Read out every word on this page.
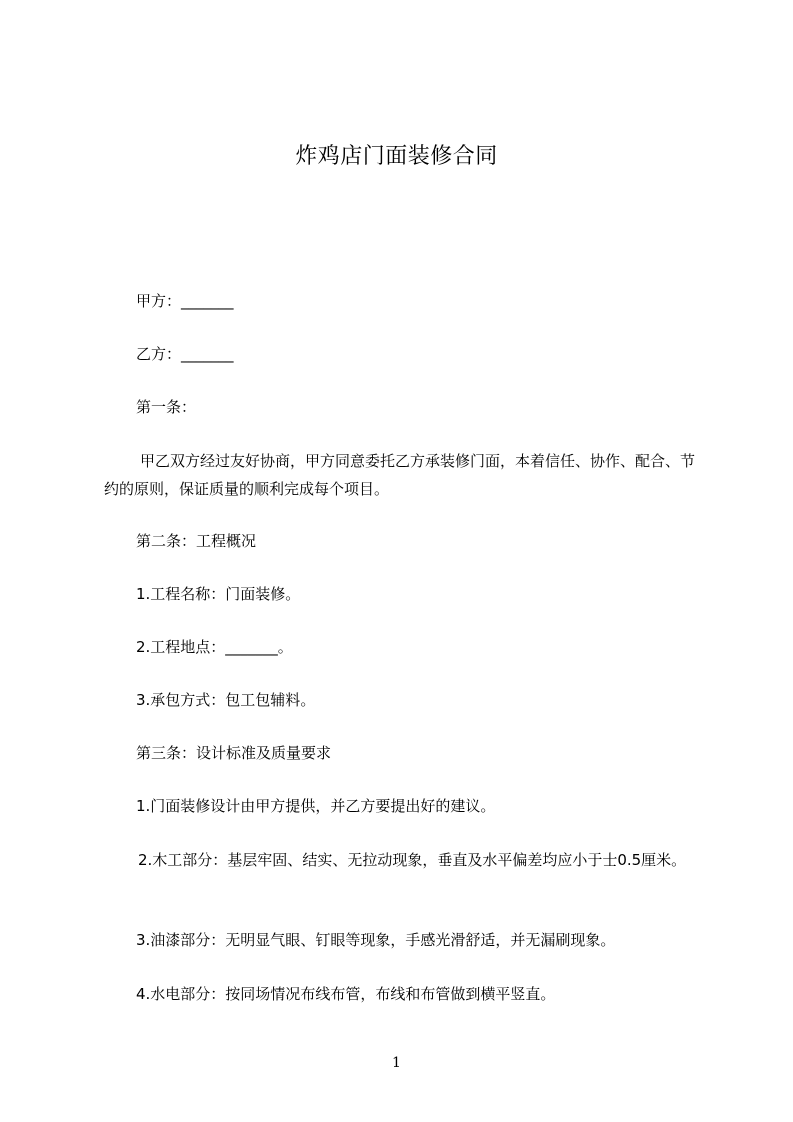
炸鸡店门面装修合同
甲方：_______
乙方：_______
第一条：
甲乙双方经过友好协商，甲方同意委托乙方承装修门面，本着信任、协作、配合、节约的原则，保证质量的顺利完成每个项目。
第二条：工程概况
1.工程名称：门面装修。
2.工程地点：_______。
3.承包方式：包工包辅料。
第三条：设计标准及质量要求
1.门面装修设计由甲方提供，并乙方要提出好的建议。
2.木工部分：基层牢固、结实、无拉动现象，垂直及水平偏差均应小于士0.5厘米。
3.油漆部分：无明显气眼、钉眼等现象，手感光滑舒适，并无漏刷现象。
4.水电部分：按同场情况布线布管，布线和布管做到横平竖直。
1
